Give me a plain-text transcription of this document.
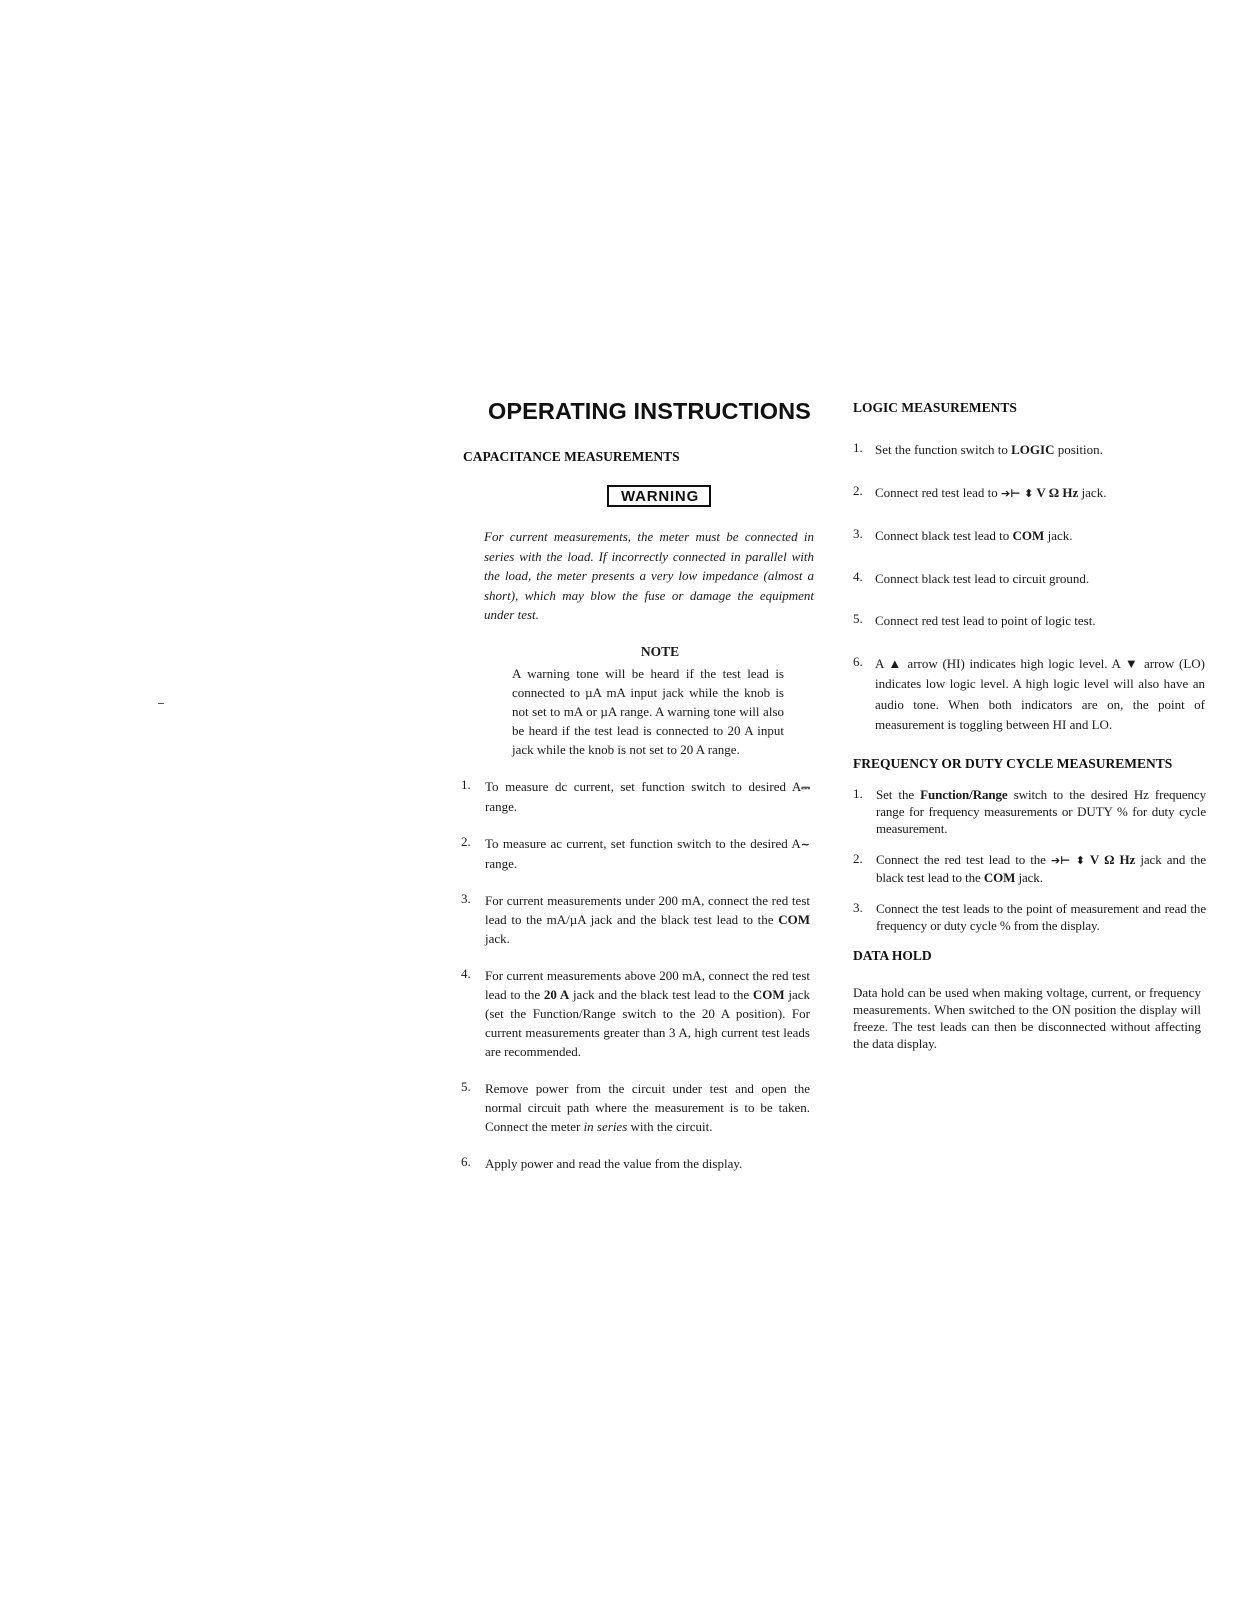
OPERATING INSTRUCTIONS
CAPACITANCE MEASUREMENTS
WARNING

For current measurements, the meter must be connected in series with the load. If incorrectly connected in parallel with the load, the meter presents a very low impedance (almost a short), which may blow the fuse or damage the equipment under test.

NOTE

A warning tone will be heard if the test lead is connected to µA mA input jack while the knob is not set to mA or µA range. A warning tone will also be heard if the test lead is connected to 20 A input jack while the knob is not set to 20 A range.

1. To measure dc current, set function switch to desired A⎓ range.
2. To measure ac current, set function switch to the desired A∼ range.
3. For current measurements under 200 mA, connect the red test lead to the mA/µA jack and the black test lead to the COM jack.
4. For current measurements above 200 mA, connect the red test lead to the 20 A jack and the black test lead to the COM jack (set the Function/Range switch to the 20 A position). For current measurements greater than 3 A, high current test leads are recommended.
5. Remove power from the circuit under test and open the normal circuit path where the measurement is to be taken. Connect the meter in series with the circuit.
6. Apply power and read the value from the display.
LOGIC MEASUREMENTS
1. Set the function switch to LOGIC position.
2. Connect red test lead to ➔⊢ ⬍ V Ω Hz jack.
3. Connect black test lead to COM jack.
4. Connect black test lead to circuit ground.
5. Connect red test lead to point of logic test.
6. A ▲ arrow (HI) indicates high logic level. A ▼ arrow (LO) indicates low logic level. A high logic level will also have an audio tone. When both indicators are on, the point of measurement is toggling between HI and LO.
FREQUENCY OR DUTY CYCLE MEASUREMENTS
1. Set the Function/Range switch to the desired Hz frequency range for frequency measurements or DUTY % for duty cycle measurement.
2. Connect the red test lead to the ➔⊢ ⬍ V Ω Hz jack and the black test lead to the COM jack.
3. Connect the test leads to the point of measurement and read the frequency or duty cycle % from the display.
DATA HOLD

Data hold can be used when making voltage, current, or frequency measurements. When switched to the ON position the display will freeze. The test leads can then be disconnected without affecting the data display.
